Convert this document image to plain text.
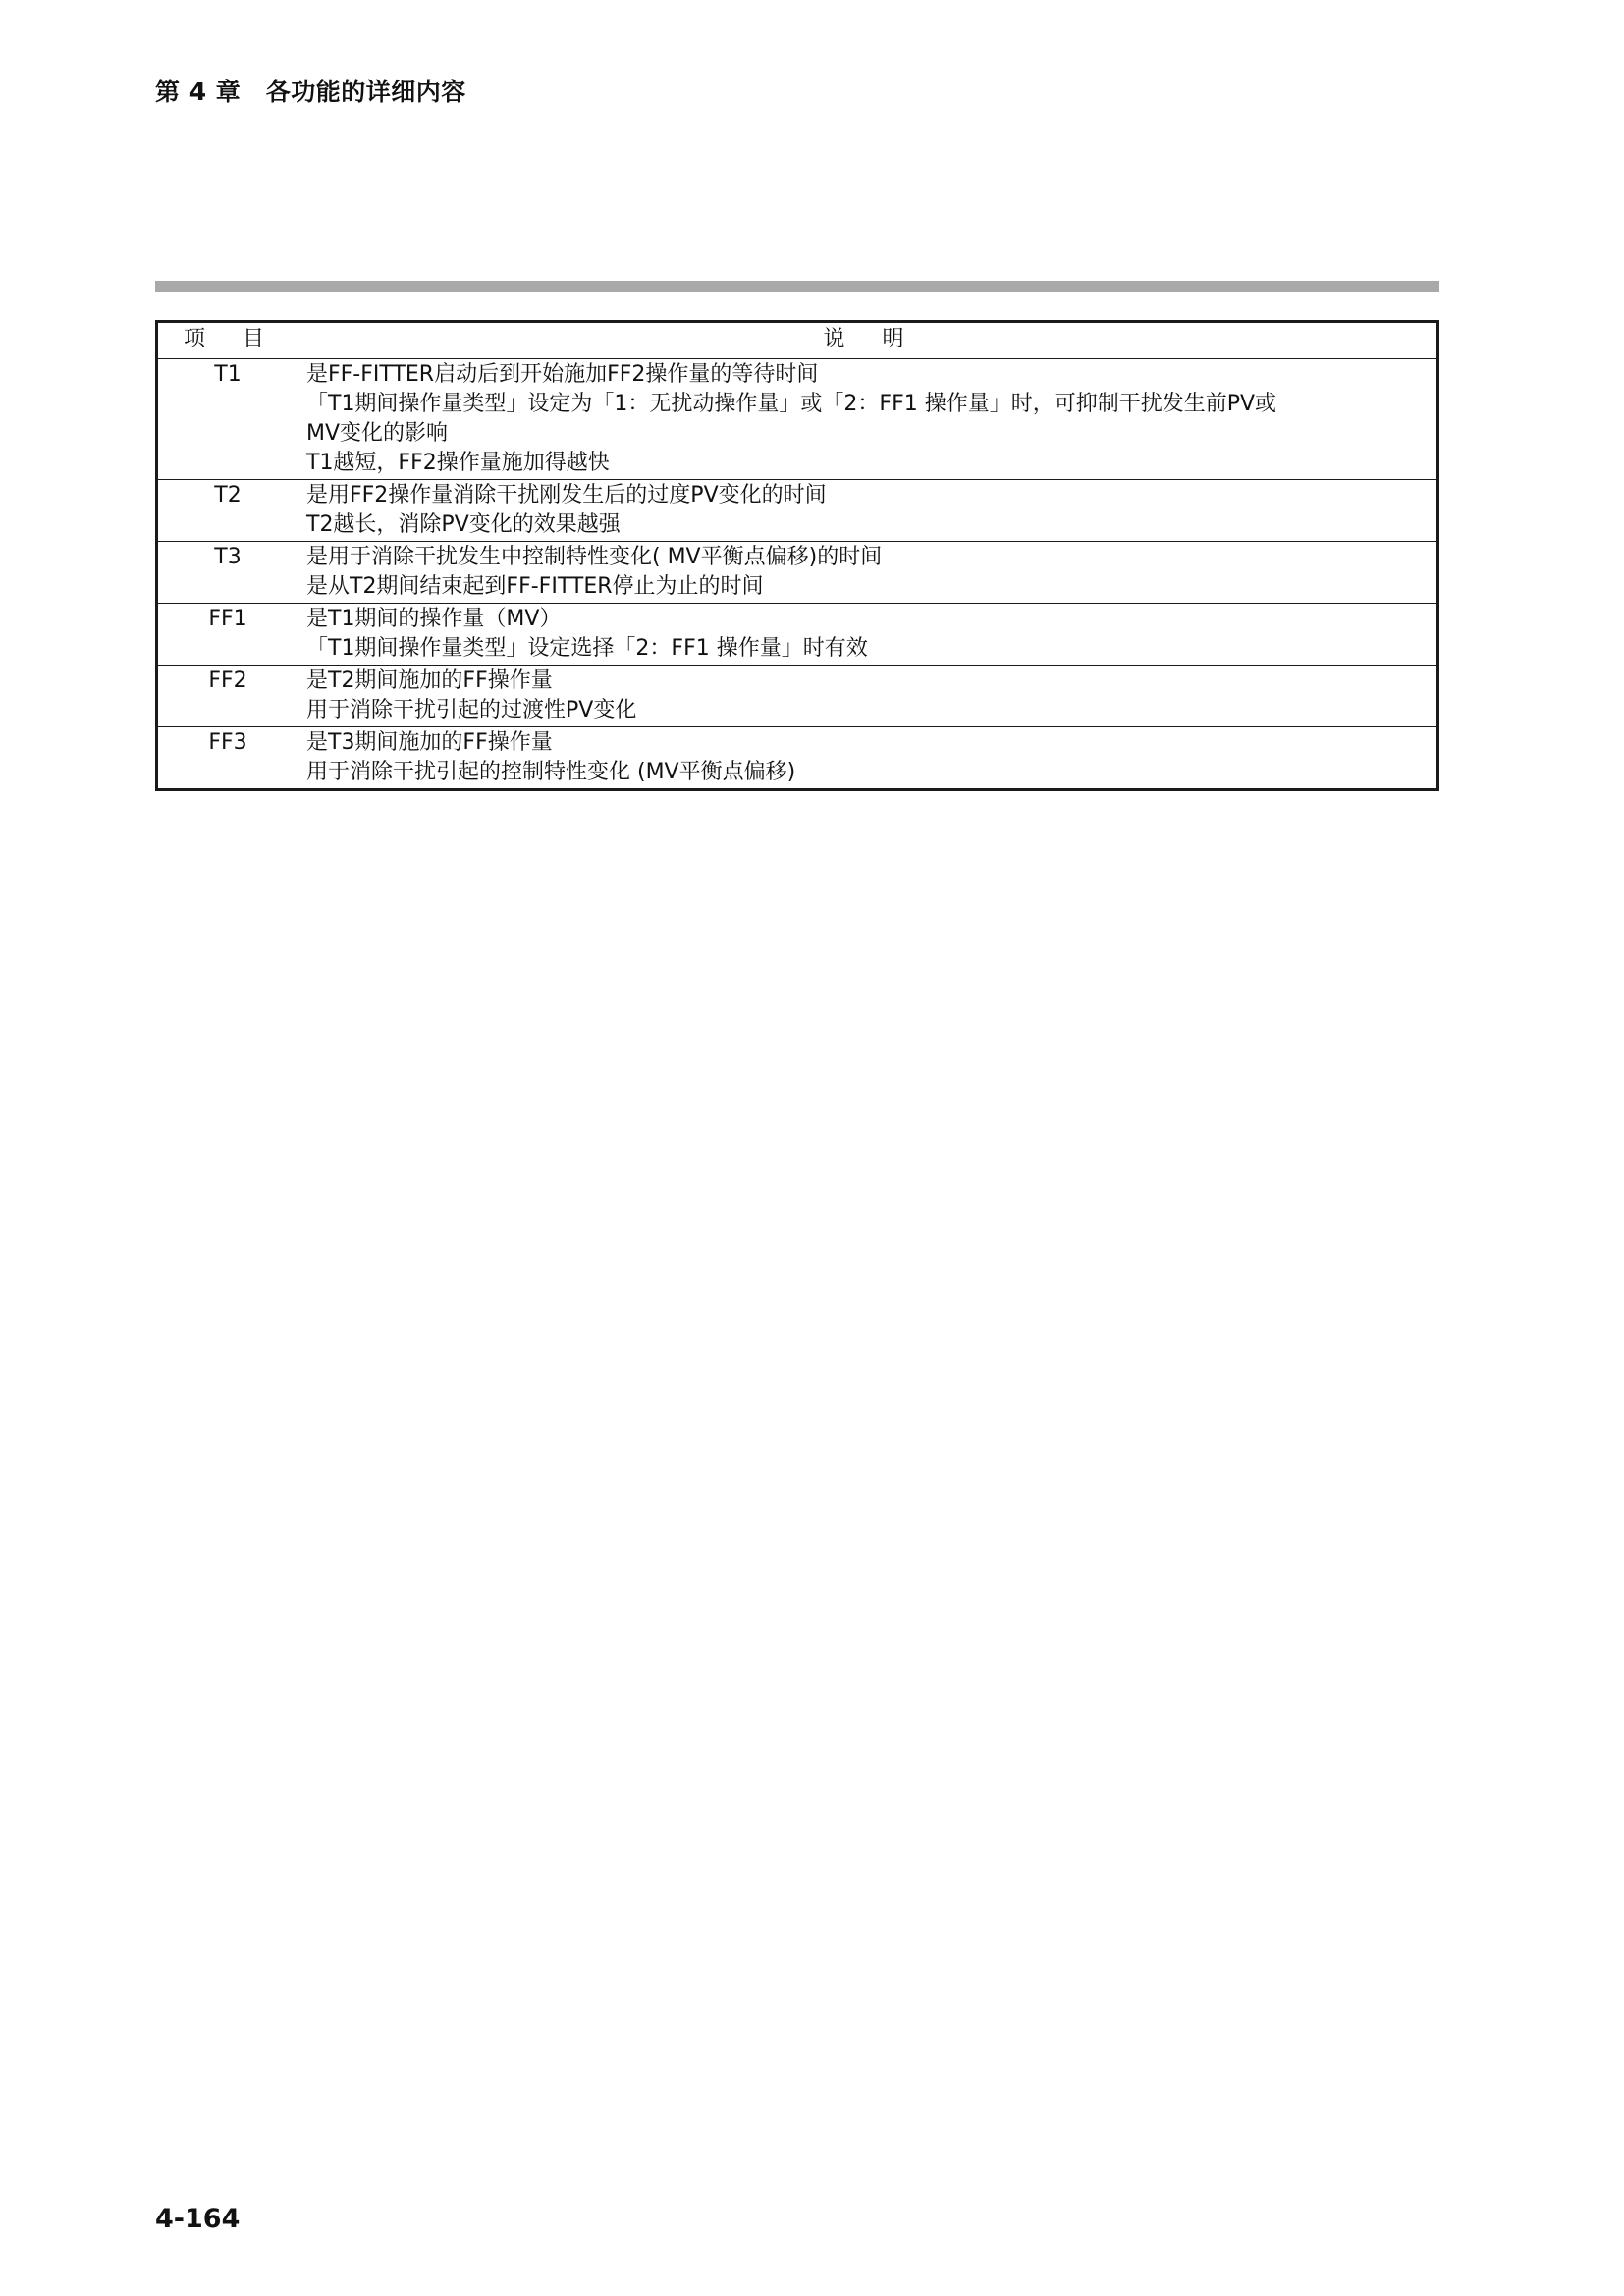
第 4 章　各功能的详细内容
项　目	说　明
T1	是FF-FITTER启动后到开始施加FF2操作量的等待时间
「T1期间操作量类型」设定为「1：无扰动操作量」或「2：FF1 操作量」时，可抑制干扰发生前PV或
MV变化的影响
T1越短，FF2操作量施加得越快

T2	是用FF2操作量消除干扰刚发生后的过度PV变化的时间
T2越长，消除PV变化的效果越强

T3	是用于消除干扰发生中控制特性变化( MV平衡点偏移)的时间
是从T2期间结束起到FF-FITTER停止为止的时间

FF1	是T1期间的操作量（MV）
「T1期间操作量类型」设定选择「2：FF1 操作量」时有效

FF2	是T2期间施加的FF操作量
用于消除干扰引起的过渡性PV变化

FF3	是T3期间施加的FF操作量
用于消除干扰引起的控制特性变化 (MV平衡点偏移)
4-164
